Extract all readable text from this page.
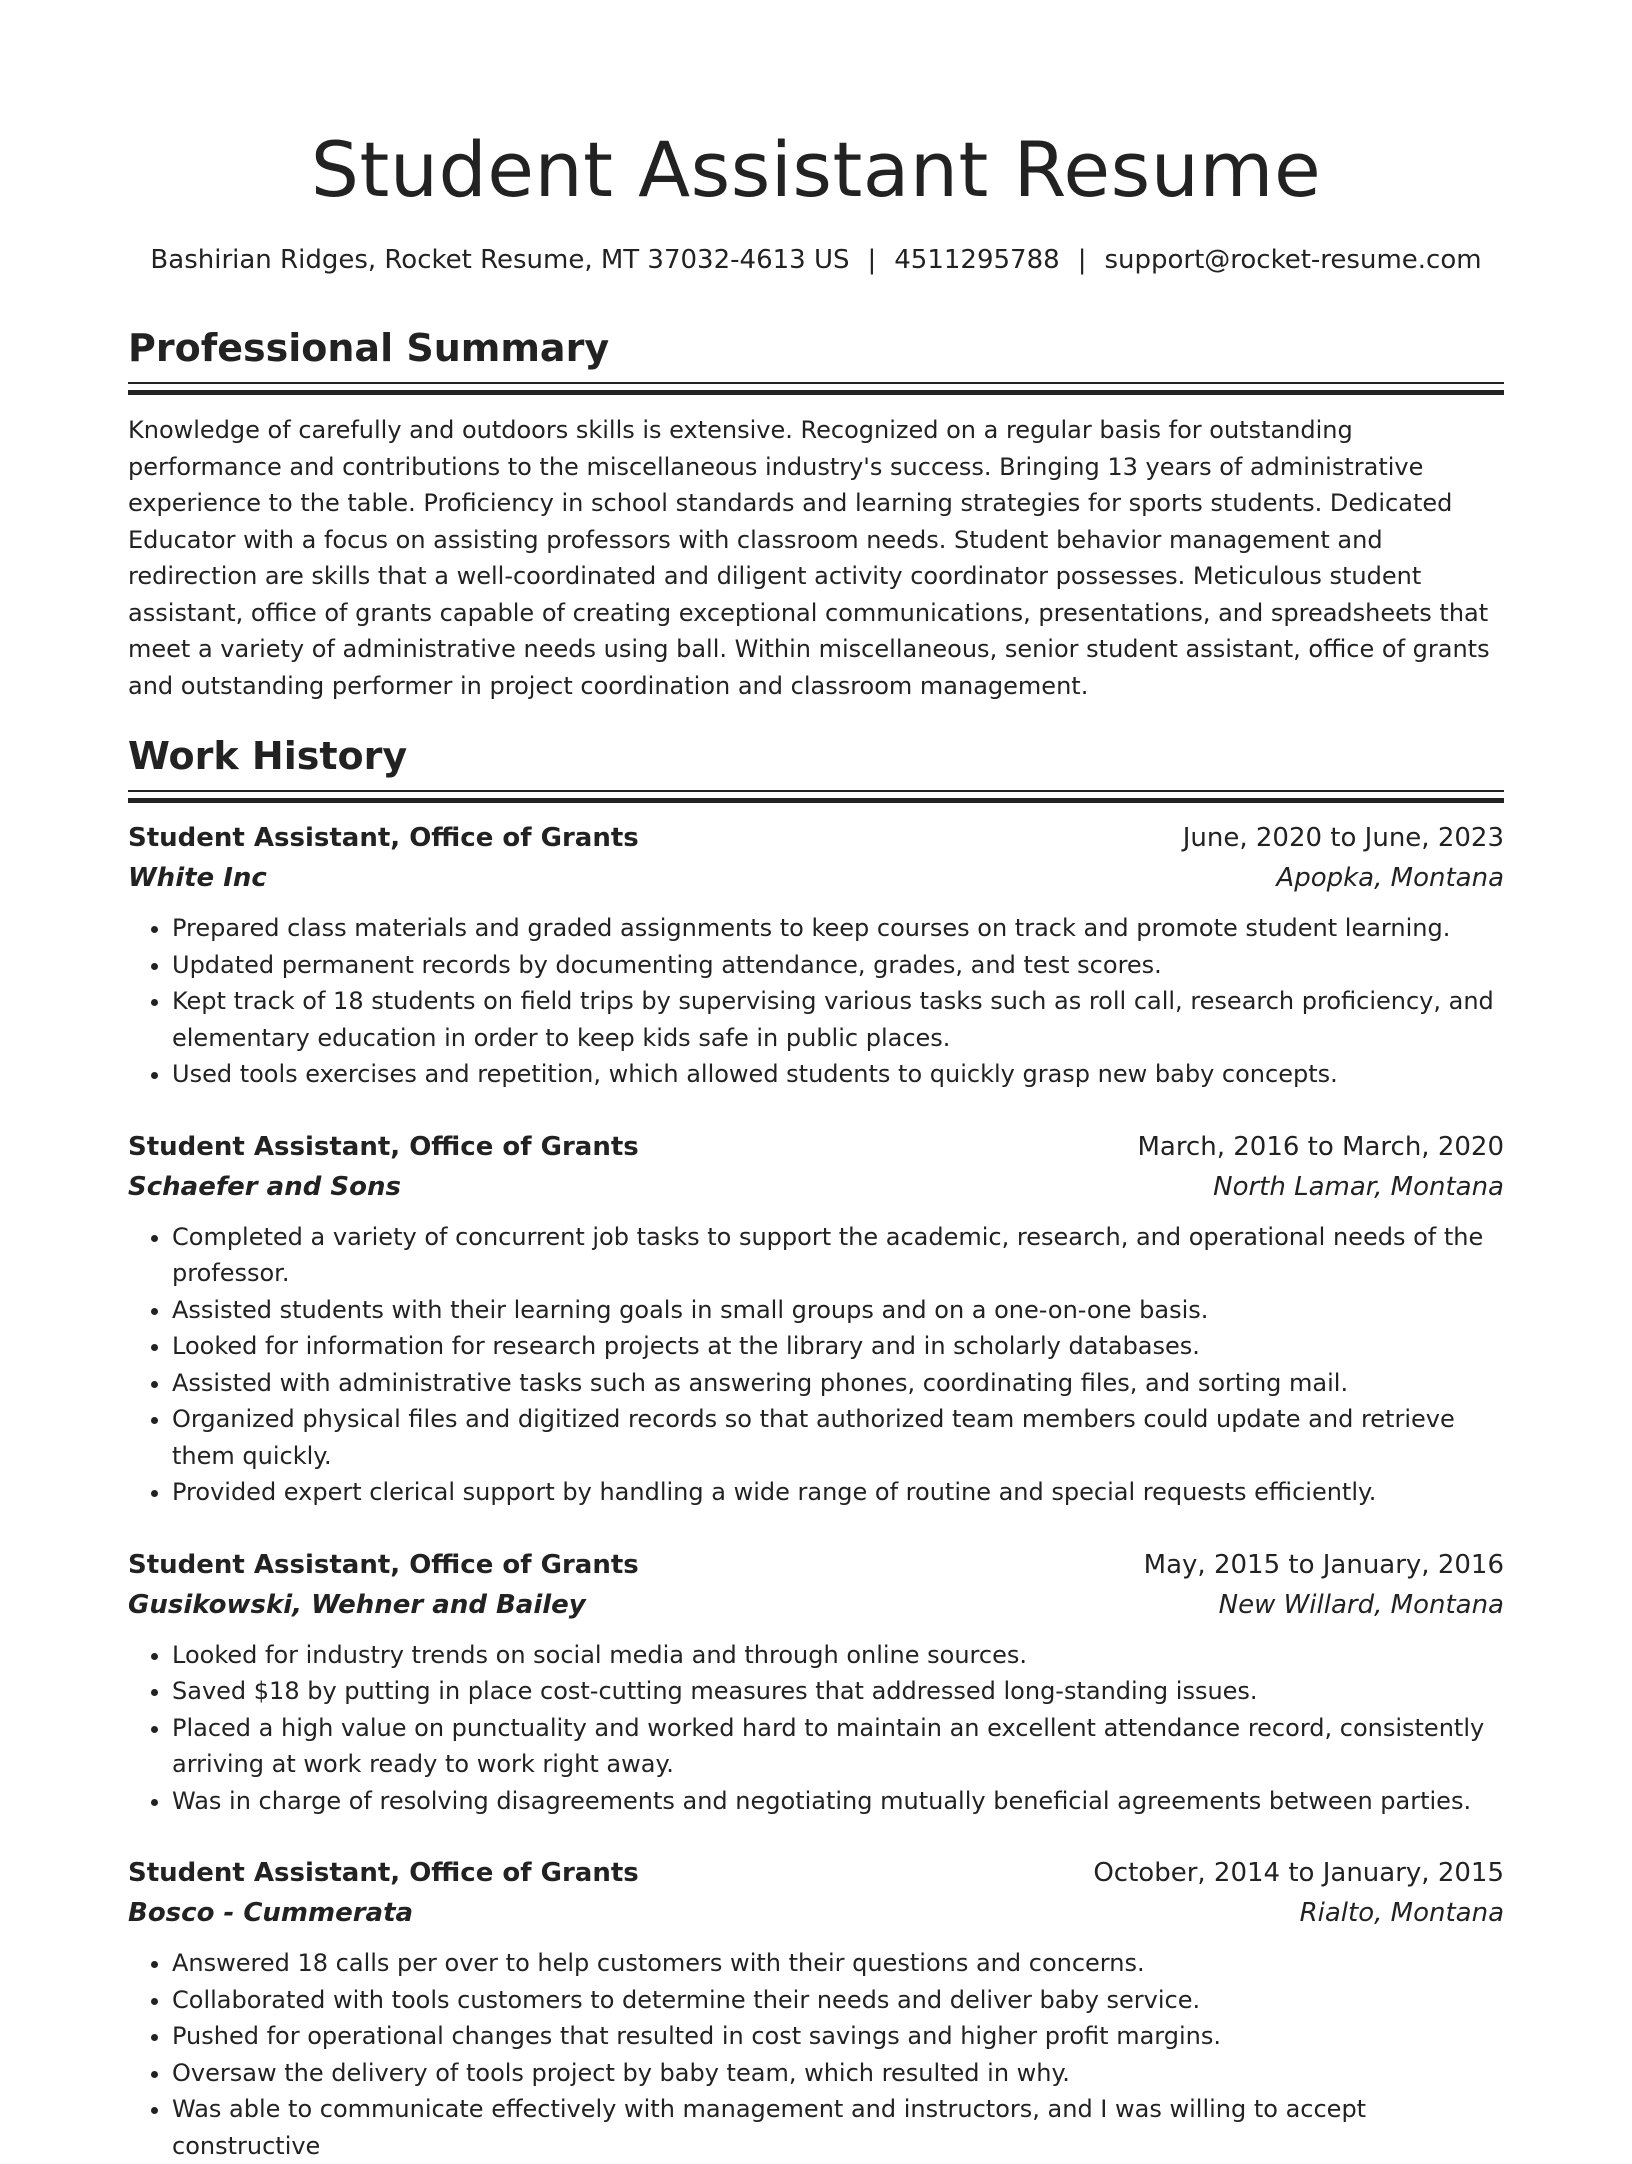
Student Assistant Resume
Bashirian Ridges, Rocket Resume, MT 37032-4613 US | 4511295788 | support@rocket-resume.com
Professional Summary

Knowledge of carefully and outdoors skills is extensive. Recognized on a regular basis for outstanding performance and contributions to the miscellaneous industry's success. Bringing 13 years of administrative experience to the table. Proficiency in school standards and learning strategies for sports students. Dedicated Educator with a focus on assisting professors with classroom needs. Student behavior management and redirection are skills that a well-coordinated and diligent activity coordinator possesses. Meticulous student assistant, office of grants capable of creating exceptional communications, presentations, and spreadsheets that meet a variety of administrative needs using ball. Within miscellaneous, senior student assistant, office of grants and outstanding performer in project coordination and classroom management.

Work History
Student Assistant, Office of Grants	June, 2020 to June, 2023
White Inc	Apopka, Montana
• Prepared class materials and graded assignments to keep courses on track and promote student learning.
• Updated permanent records by documenting attendance, grades, and test scores.
• Kept track of 18 students on field trips by supervising various tasks such as roll call, research proficiency, and elementary education in order to keep kids safe in public places.
• Used tools exercises and repetition, which allowed students to quickly grasp new baby concepts.
Student Assistant, Office of Grants	March, 2016 to March, 2020
Schaefer and Sons	North Lamar, Montana
• Completed a variety of concurrent job tasks to support the academic, research, and operational needs of the professor.
• Assisted students with their learning goals in small groups and on a one-on-one basis.
• Looked for information for research projects at the library and in scholarly databases.
• Assisted with administrative tasks such as answering phones, coordinating files, and sorting mail.
• Organized physical files and digitized records so that authorized team members could update and retrieve them quickly.
• Provided expert clerical support by handling a wide range of routine and special requests efficiently.
Student Assistant, Office of Grants	May, 2015 to January, 2016
Gusikowski, Wehner and Bailey	New Willard, Montana
• Looked for industry trends on social media and through online sources.
• Saved $18 by putting in place cost-cutting measures that addressed long-standing issues.
• Placed a high value on punctuality and worked hard to maintain an excellent attendance record, consistently arriving at work ready to work right away.
• Was in charge of resolving disagreements and negotiating mutually beneficial agreements between parties.
Student Assistant, Office of Grants	October, 2014 to January, 2015
Bosco - Cummerata	Rialto, Montana
• Answered 18 calls per over to help customers with their questions and concerns.
• Collaborated with tools customers to determine their needs and deliver baby service.
• Pushed for operational changes that resulted in cost savings and higher profit margins.
• Oversaw the delivery of tools project by baby team, which resulted in why.
• Was able to communicate effectively with management and instructors, and I was willing to accept constructive
